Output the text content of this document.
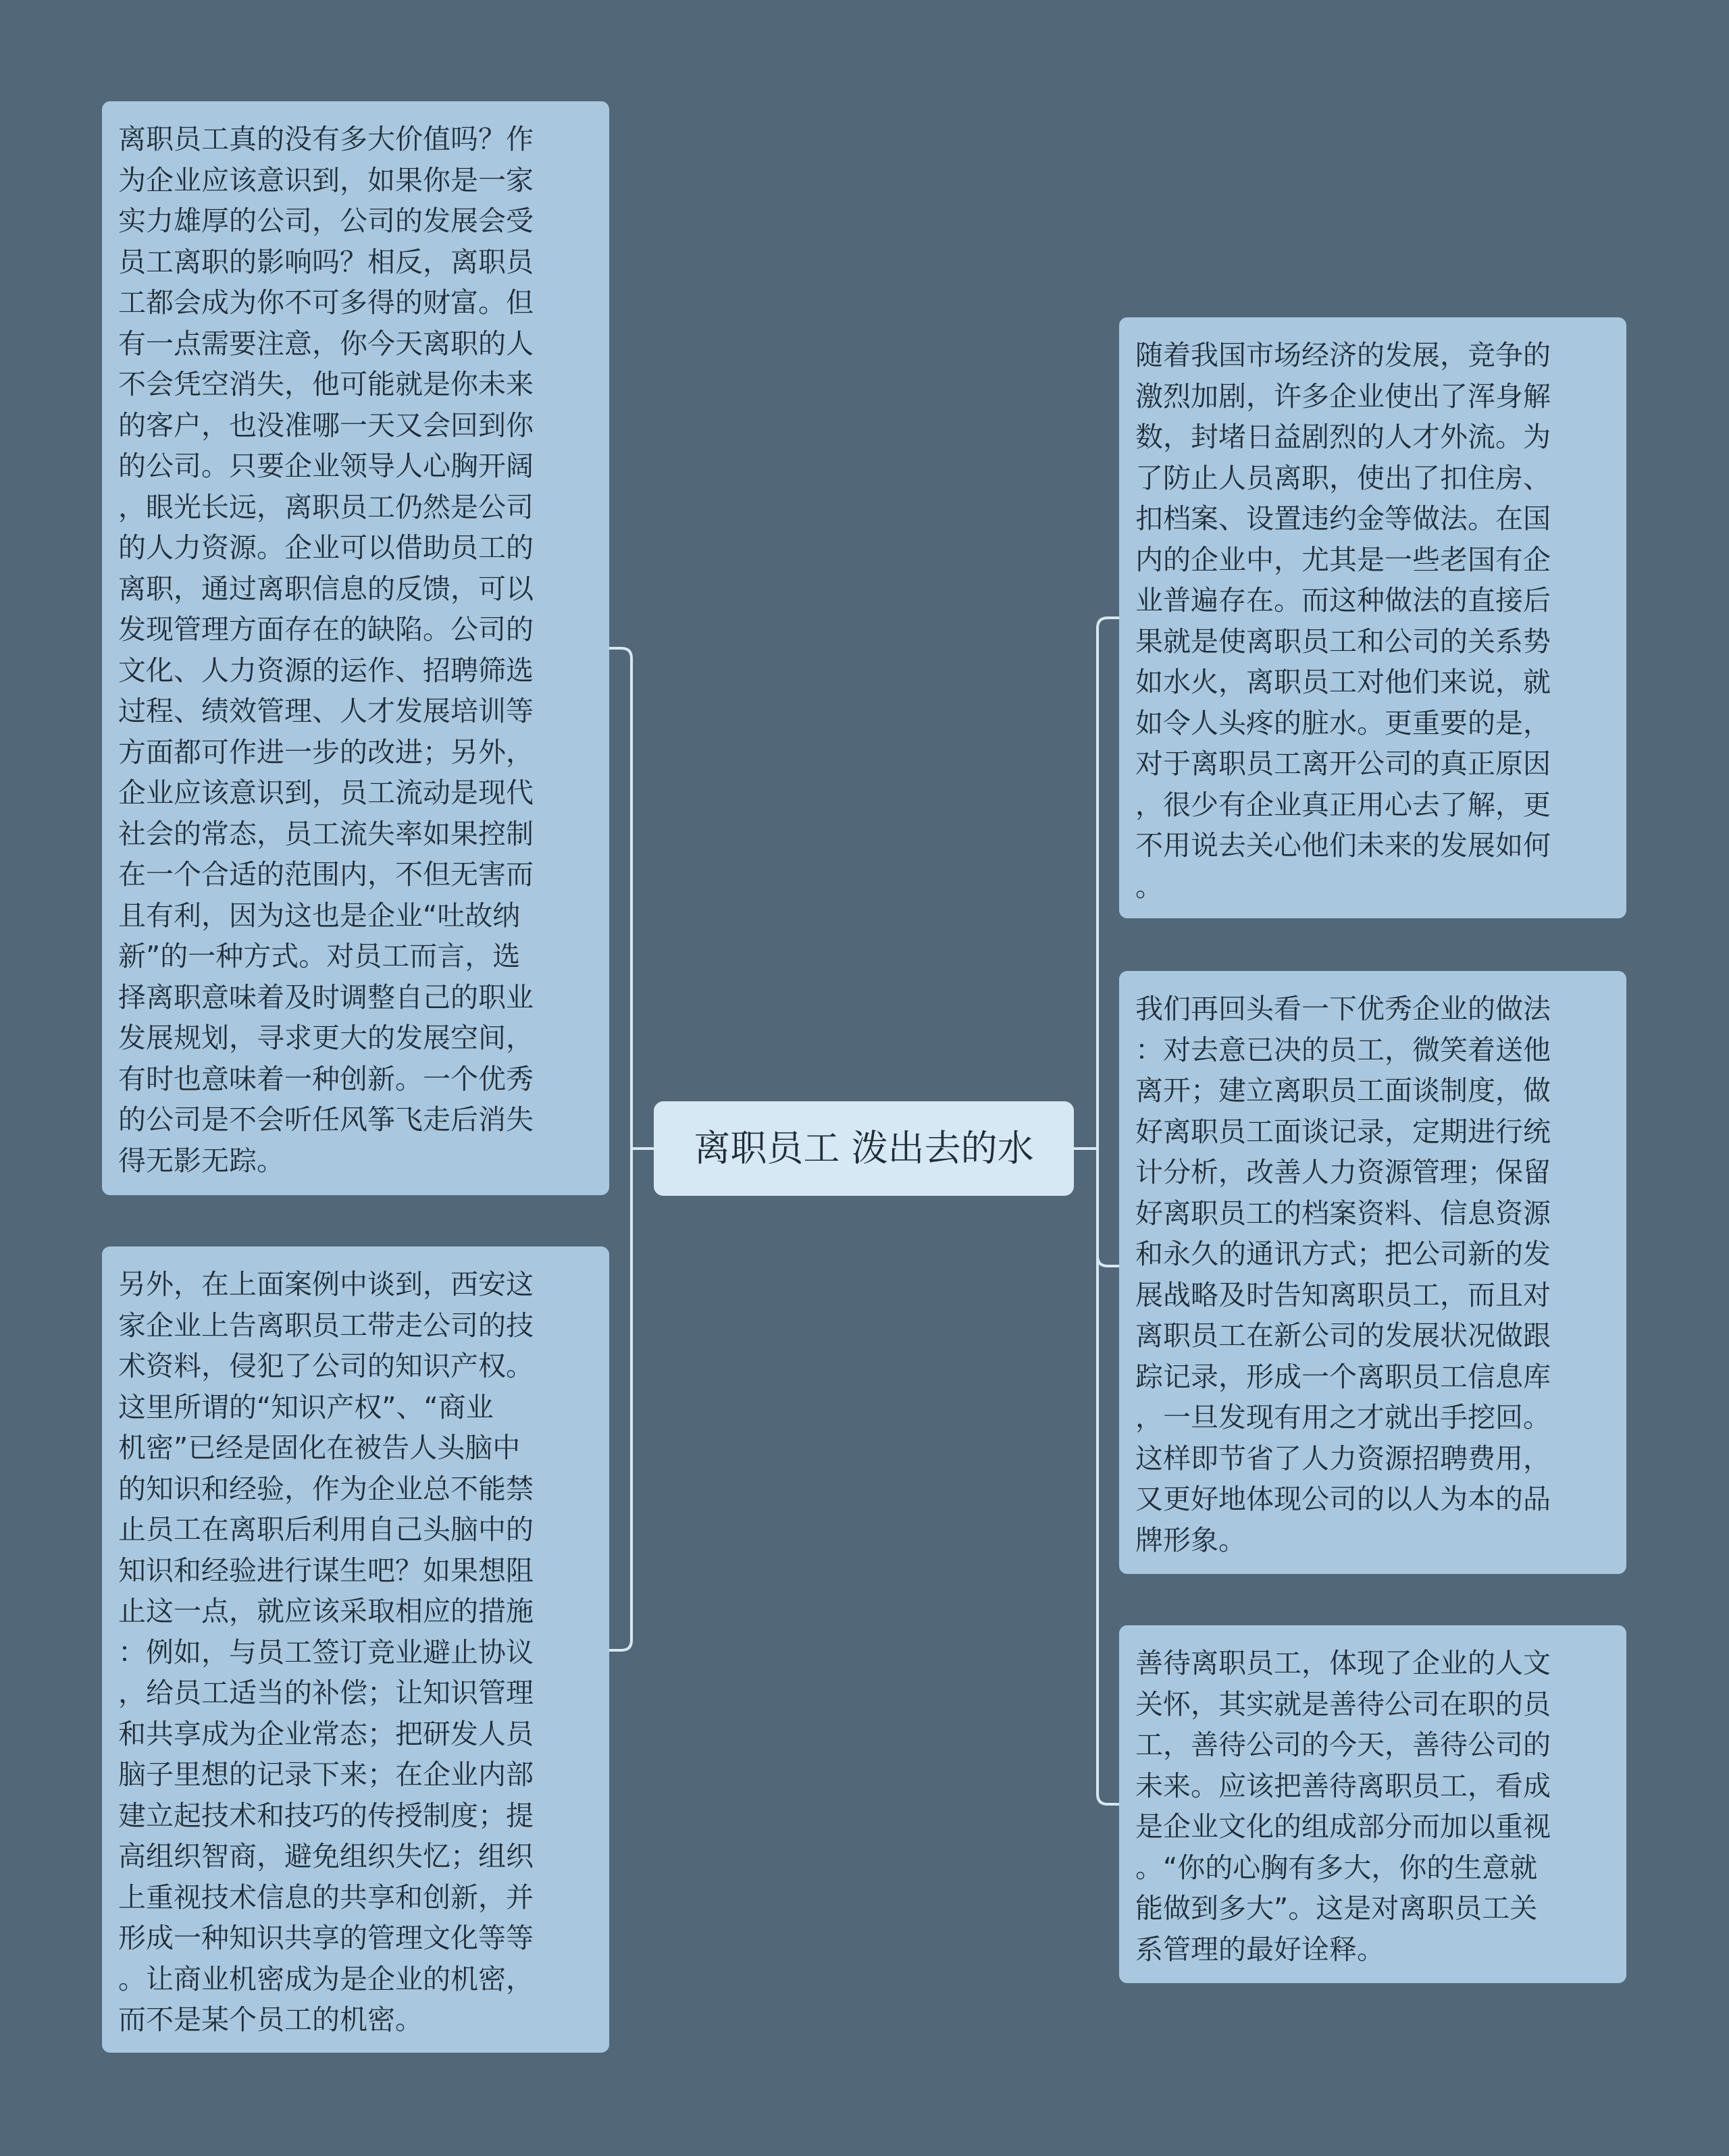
离职员工 泼出去的水
离职员工真的没有多大价值吗？作
为企业应该意识到，如果你是一家
实力雄厚的公司，公司的发展会受
员工离职的影响吗？相反，离职员
工都会成为你不可多得的财富。但
有一点需要注意，你今天离职的人
不会凭空消失，他可能就是你未来
的客户，也没准哪一天又会回到你
的公司。只要企业领导人心胸开阔
，眼光长远，离职员工仍然是公司
的人力资源。企业可以借助员工的
离职，通过离职信息的反馈，可以
发现管理方面存在的缺陷。公司的
文化、人力资源的运作、招聘筛选
过程、绩效管理、人才发展培训等
方面都可作进一步的改进；另外，
企业应该意识到，员工流动是现代
社会的常态，员工流失率如果控制
在一个合适的范围内，不但无害而
且有利，因为这也是企业“吐故纳
新”的一种方式。对员工而言，选
择离职意味着及时调整自己的职业
发展规划，寻求更大的发展空间，
有时也意味着一种创新。一个优秀
的公司是不会听任风筝飞走后消失
得无影无踪。
另外，在上面案例中谈到，西安这
家企业上告离职员工带走公司的技
术资料，侵犯了公司的知识产权。
这里所谓的“知识产权”、“商业
机密”已经是固化在被告人头脑中
的知识和经验，作为企业总不能禁
止员工在离职后利用自己头脑中的
知识和经验进行谋生吧？如果想阻
止这一点，就应该采取相应的措施
：例如，与员工签订竞业避止协议
，给员工适当的补偿；让知识管理
和共享成为企业常态；把研发人员
脑子里想的记录下来；在企业内部
建立起技术和技巧的传授制度；提
高组织智商，避免组织失忆；组织
上重视技术信息的共享和创新，并
形成一种知识共享的管理文化等等
。让商业机密成为是企业的机密，
而不是某个员工的机密。
随着我国市场经济的发展，竞争的
激烈加剧，许多企业使出了浑身解
数，封堵日益剧烈的人才外流。为
了防止人员离职，使出了扣住房、
扣档案、设置违约金等做法。在国
内的企业中，尤其是一些老国有企
业普遍存在。而这种做法的直接后
果就是使离职员工和公司的关系势
如水火，离职员工对他们来说，就
如令人头疼的脏水。更重要的是，
对于离职员工离开公司的真正原因
，很少有企业真正用心去了解，更
不用说去关心他们未来的发展如何
。
我们再回头看一下优秀企业的做法
：对去意已决的员工，微笑着送他
离开；建立离职员工面谈制度，做
好离职员工面谈记录，定期进行统
计分析，改善人力资源管理；保留
好离职员工的档案资料、信息资源
和永久的通讯方式；把公司新的发
展战略及时告知离职员工，而且对
离职员工在新公司的发展状况做跟
踪记录，形成一个离职员工信息库
，一旦发现有用之才就出手挖回。
这样即节省了人力资源招聘费用，
又更好地体现公司的以人为本的品
牌形象。
善待离职员工，体现了企业的人文
关怀，其实就是善待公司在职的员
工，善待公司的今天，善待公司的
未来。应该把善待离职员工，看成
是企业文化的组成部分而加以重视
。“你的心胸有多大，你的生意就
能做到多大”。这是对离职员工关
系管理的最好诠释。
